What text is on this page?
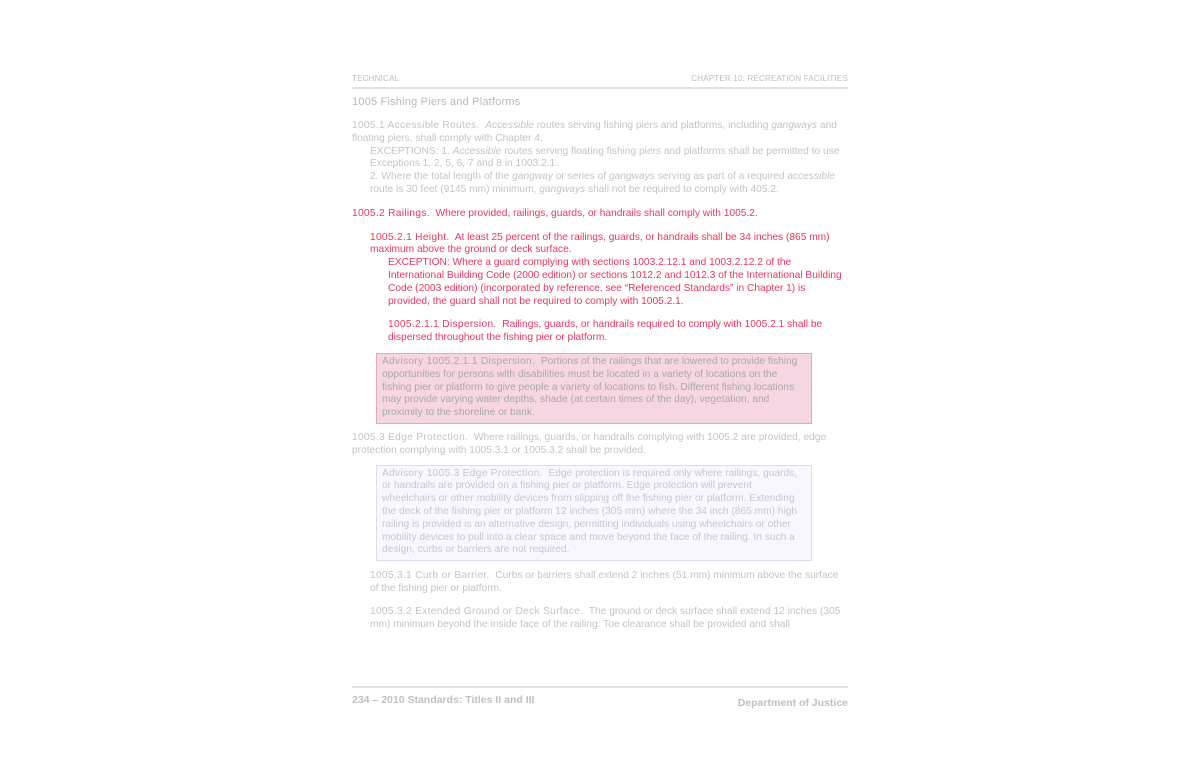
TECHNICAL	CHAPTER 10: RECREATION FACILITIES
1005 Fishing Piers and Platforms

1005.1 Accessible Routes. Accessible routes serving fishing piers and platforms, including gangways and floating piers, shall comply with Chapter 4.

EXCEPTIONS: 1. Accessible routes serving floating fishing piers and platforms shall be permitted to use Exceptions 1, 2, 5, 6, 7 and 8 in 1003.2.1.

2. Where the total length of the gangway or series of gangways serving as part of a required accessible route is 30 feet (9145 mm) minimum, gangways shall not be required to comply with 405.2.

1005.2 Railings. Where provided, railings, guards, or handrails shall comply with 1005.2.

1005.2.1 Height. At least 25 percent of the railings, guards, or handrails shall be 34 inches (865 mm) maximum above the ground or deck surface.

EXCEPTION: Where a guard complying with sections 1003.2.12.1 and 1003.2.12.2 of the International Building Code (2000 edition) or sections 1012.2 and 1012.3 of the International Building Code (2003 edition) (incorporated by reference, see “Referenced Standards” in Chapter 1) is provided, the guard shall not be required to comply with 1005.2.1.

1005.2.1.1 Dispersion. Railings, guards, or handrails required to comply with 1005.2.1 shall be dispersed throughout the fishing pier or platform.

Advisory 1005.2.1.1 Dispersion. Portions of the railings that are lowered to provide fishing opportunities for persons with disabilities must be located in a variety of locations on the fishing pier or platform to give people a variety of locations to fish. Different fishing locations may provide varying water depths, shade (at certain times of the day), vegetation, and proximity to the shoreline or bank.

1005.3 Edge Protection. Where railings, guards, or handrails complying with 1005.2 are provided, edge protection complying with 1005.3.1 or 1005.3.2 shall be provided.

Advisory 1005.3 Edge Protection. Edge protection is required only where railings, guards, or handrails are provided on a fishing pier or platform. Edge protection will prevent wheelchairs or other mobility devices from slipping off the fishing pier or platform. Extending the deck of the fishing pier or platform 12 inches (305 mm) where the 34 inch (865 mm) high railing is provided is an alternative design, permitting individuals using wheelchairs or other mobility devices to pull into a clear space and move beyond the face of the railing. In such a design, curbs or barriers are not required.

1005.3.1 Curb or Barrier. Curbs or barriers shall extend 2 inches (51 mm) minimum above the surface of the fishing pier or platform.

1005.3.2 Extended Ground or Deck Surface. The ground or deck surface shall extend 12 inches (305 mm) minimum beyond the inside face of the railing. Toe clearance shall be provided and shall

234 – 2010 Standards: Titles II and III	Department of Justice
